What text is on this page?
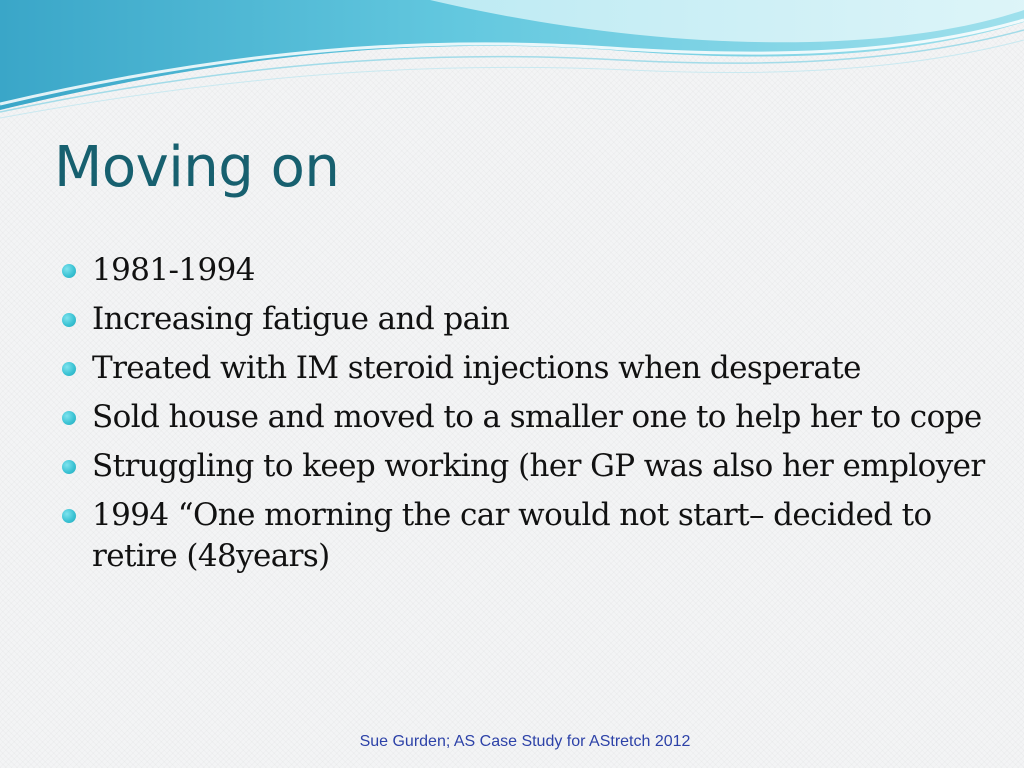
Moving on
1981-1994
Increasing fatigue and pain
Treated with IM steroid injections when desperate
Sold house and moved to a smaller one to help her to cope
Struggling to keep working (her GP was also her employer
1994 “One morning the car would not start– decided to retire (48years)
Sue Gurden; AS Case Study for AStretch 2012
